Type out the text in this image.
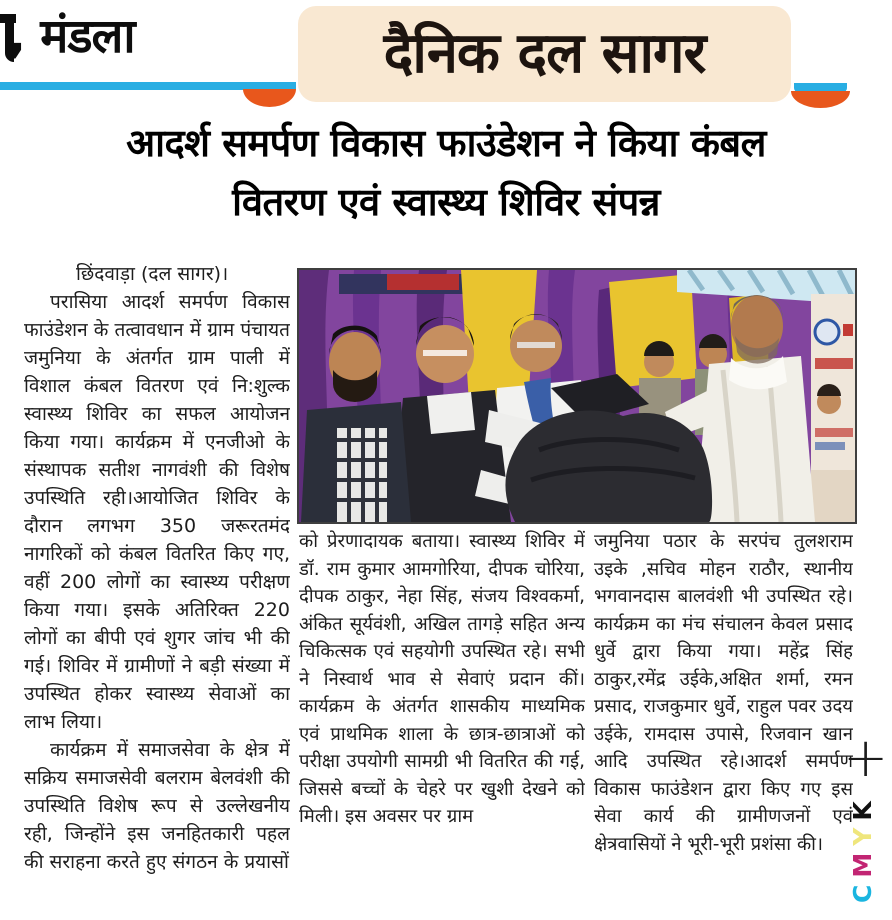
, मंडला	दैनिक दल सागर
आदर्श समर्पण विकास फाउंडेशन ने किया कंबल
वितरण एवं स्वास्थ्य शिविर संपन्न
छिंदवाड़ा (दल सागर)।

परासिया आदर्श समर्पण विकास फाउंडेशन के तत्वावधान में ग्राम पंचायत जमुनिया के अंतर्गत ग्राम पाली में विशाल कंबल वितरण एवं नि:शुल्क स्वास्थ्य शिविर का सफल आयोजन किया गया। कार्यक्रम में एनजीओ के संस्थापक सतीश नागवंशी की विशेष उपस्थिति रही।आयोजित शिविर के दौरान लगभग 350 जरूरतमंद नागरिकों को कंबल वितरित किए गए, वहीं 200 लोगों का स्वास्थ्य परीक्षण किया गया। इसके अतिरिक्त 220 लोगों का बीपी एवं शुगर जांच भी की गई। शिविर में ग्रामीणों ने बड़ी संख्या में उपस्थित होकर स्वास्थ्य सेवाओं का लाभ लिया।

कार्यक्रम में समाजसेवा के क्षेत्र में सक्रिय समाजसेवी बलराम बेलवंशी की उपस्थिति विशेष रूप से उल्लेखनीय रही, जिन्होंने इस जनहितकारी पहल की सराहना करते हुए संगठन के प्रयासों

को प्रेरणादायक बताया। स्वास्थ्य शिविर में डॉ. राम कुमार आमगोरिया, दीपक चोरिया, दीपक ठाकुर, नेहा सिंह, संजय विश्वकर्मा, अंकित सूर्यवंशी, अखिल तागड़े सहित अन्य चिकित्सक एवं सहयोगी उपस्थित रहे। सभी ने निस्वार्थ भाव से सेवाएं प्रदान कीं। कार्यक्रम के अंतर्गत शासकीय माध्यमिक एवं प्राथमिक शाला के छात्र-छात्राओं को परीक्षा उपयोगी सामग्री भी वितरित की गई, जिससे बच्चों के चेहरे पर खुशी देखने को मिली। इस अवसर पर ग्राम

जमुनिया पठार के सरपंच तुलशराम उइके ,सचिव मोहन राठौर, स्थानीय भगवानदास बालवंशी भी उपस्थित रहे। कार्यक्रम का मंच संचालन केवल प्रसाद धुर्वे द्वारा किया गया। महेंद्र सिंह ठाकुर,रमेंद्र उईके,अक्षित शर्मा, रमन प्रसाद, राजकुमार धुर्वे, राहुल पवर उदय उईके, रामदास उपासे, रिजवान खान आदि उपस्थित रहे।आदर्श समर्पण विकास फाउंडेशन द्वारा किए गए इस सेवा कार्य की ग्रामीणजनों एवं क्षेत्रवासियों ने भूरी-भूरी प्रशंसा की।

+
CMYK
